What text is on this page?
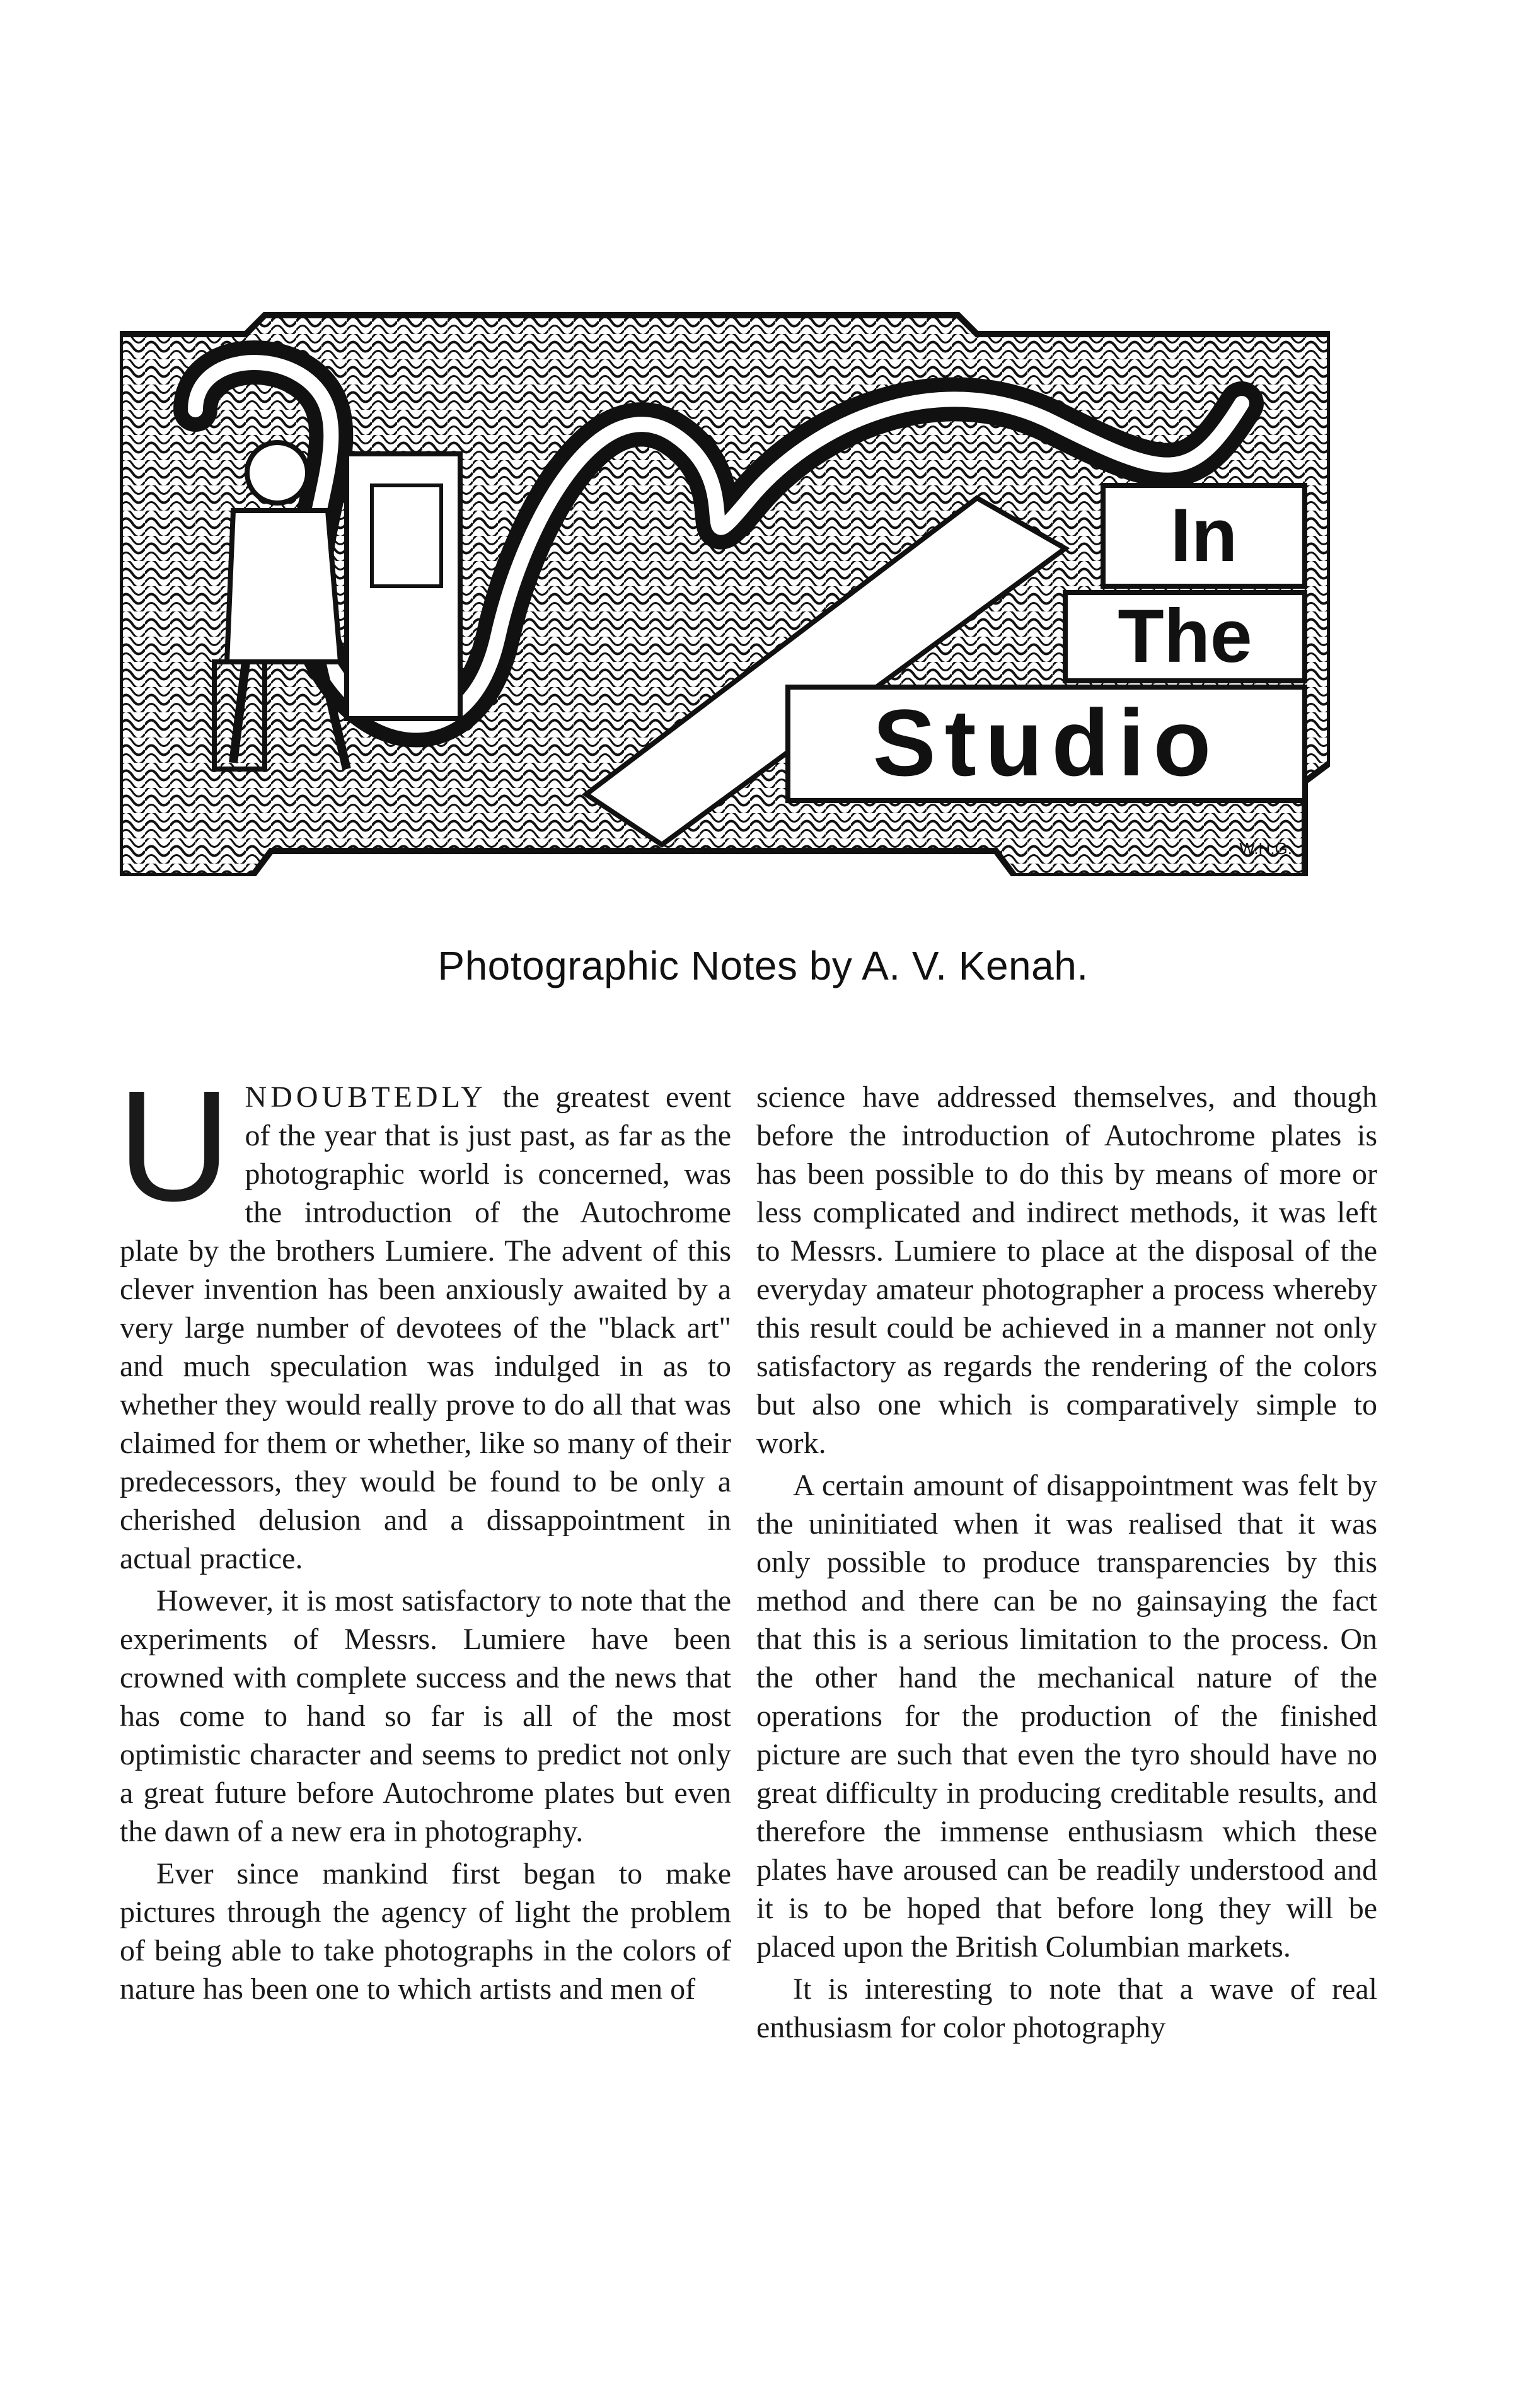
In
The
Studio
W.H.G.
Photographic Notes by A. V. Kenah.

UNDOUBTEDLY the greatest event of the year that is just past, as far as the photographic world is concerned, was the introduction of the Autochrome plate by the brothers Lumiere. The advent of this clever invention has been anxiously awaited by a very large number of devotees of the "black art" and much speculation was indulged in as to whether they would really prove to do all that was claimed for them or whether, like so many of their predecessors, they would be found to be only a cherished delusion and a dissappointment in actual practice.

However, it is most satisfactory to note that the experiments of Messrs. Lumiere have been crowned with complete success and the news that has come to hand so far is all of the most optimistic character and seems to predict not only a great future before Autochrome plates but even the dawn of a new era in photography.

Ever since mankind first began to make pictures through the agency of light the problem of being able to take photographs in the colors of nature has been one to which artists and men of

science have addressed themselves, and though before the introduction of Autochrome plates is has been possible to do this by means of more or less complicated and indirect methods, it was left to Messrs. Lumiere to place at the disposal of the everyday amateur photographer a process whereby this result could be achieved in a manner not only satisfactory as regards the rendering of the colors but also one which is comparatively simple to work.

A certain amount of disappointment was felt by the uninitiated when it was realised that it was only possible to produce transparencies by this method and there can be no gainsaying the fact that this is a serious limitation to the process. On the other hand the mechanical nature of the operations for the production of the finished picture are such that even the tyro should have no great difficulty in producing creditable results, and therefore the immense enthusiasm which these plates have aroused can be readily understood and it is to be hoped that before long they will be placed upon the British Columbian markets.

It is interesting to note that a wave of real enthusiasm for color photography
